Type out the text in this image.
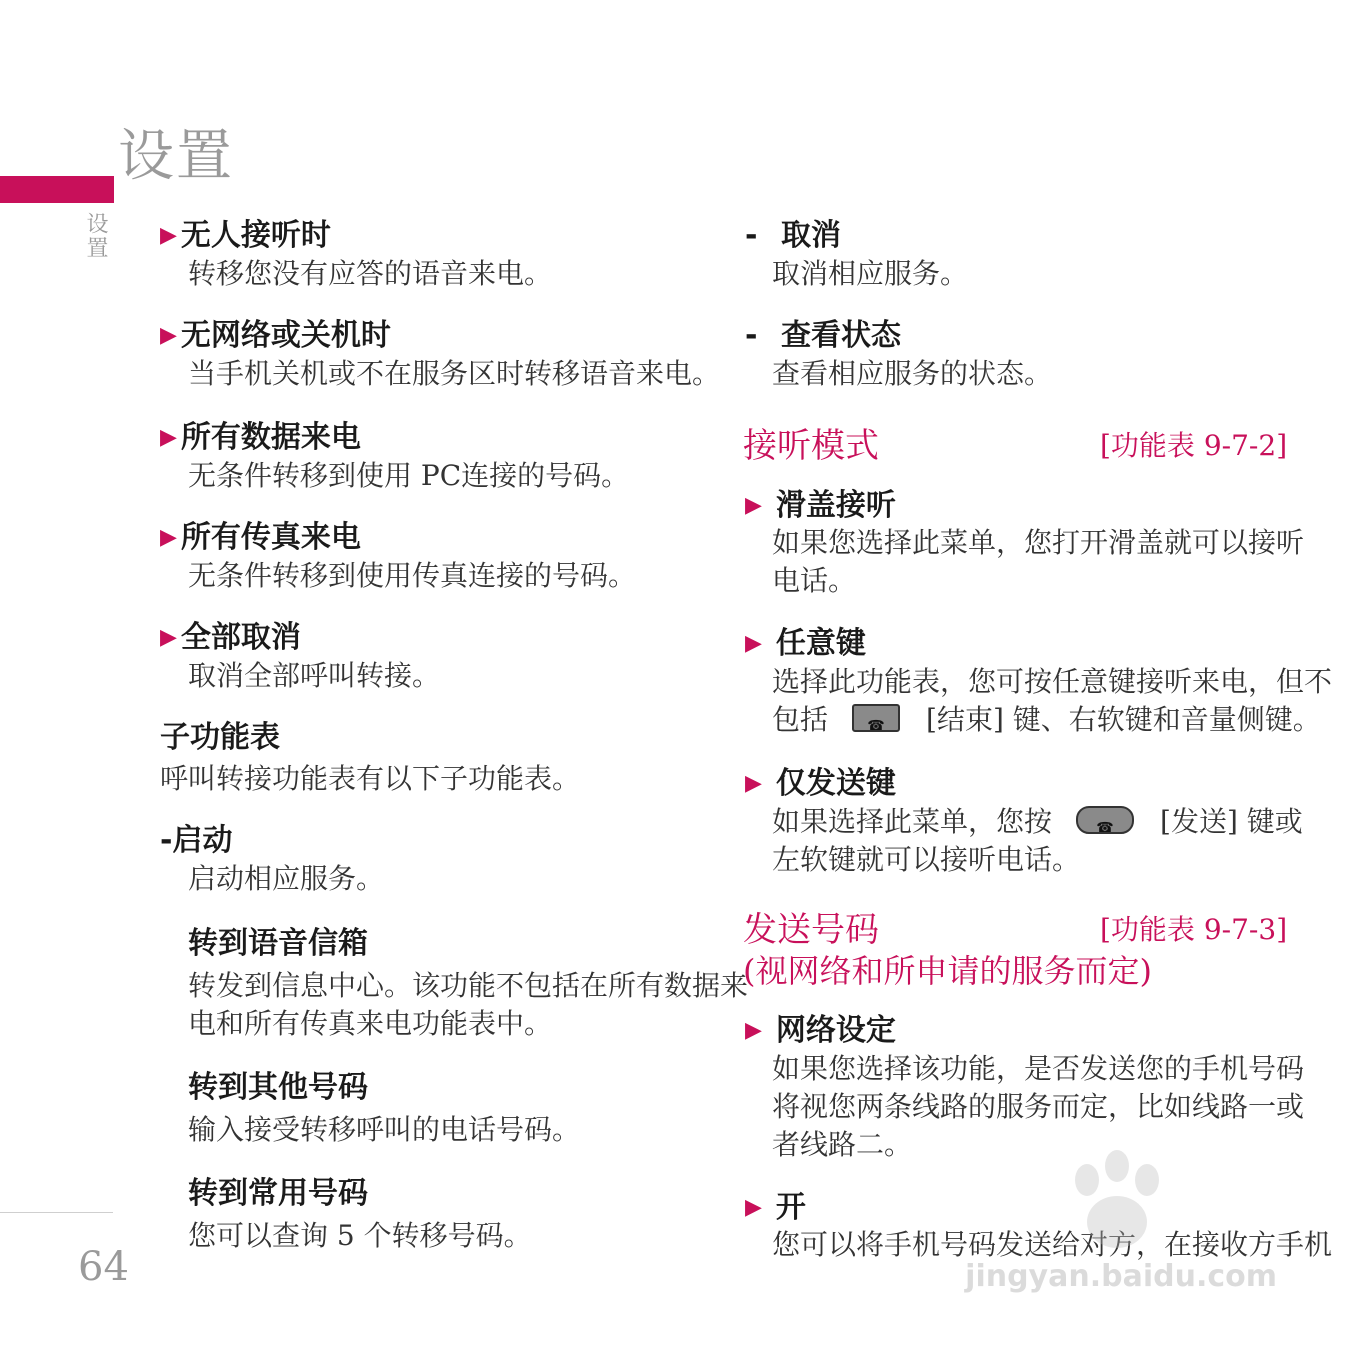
设置
设置
64
▶ 无人接听时
转移您没有应答的语音来电。
▶ 无网络或关机时
当手机关机或不在服务区时转移语音来电。
▶ 所有数据来电
无条件转移到使用 PC连接的号码。
▶ 所有传真来电
无条件转移到使用传真连接的号码。
▶ 全部取消
取消全部呼叫转接。
子功能表
呼叫转接功能表有以下子功能表。
-启动
启动相应服务。
转到语音信箱
转发到信息中心。该功能不包括在所有数据来
电和所有传真来电功能表中。
转到其他号码
输入接受转移呼叫的电话号码。
转到常用号码
您可以查询 5 个转移号码。
- 取消
取消相应服务。
- 查看状态
查看相应服务的状态。
接听模式	[功能表 9-7-2]
▶ 滑盖接听
如果您选择此菜单，您打开滑盖就可以接听
电话。
▶ 任意键
选择此功能表，您可按任意键接听来电，但不
包括	☎	[结束] 键、右软键和音量侧键。
▶ 仅发送键
如果选择此菜单，您按	☎	[发送] 键或
左软键就可以接听电话。
发送号码	[功能表 9-7-3]
(视网络和所申请的服务而定)
▶ 网络设定
如果您选择该功能，是否发送您的手机号码
将视您两条线路的服务而定，比如线路一或
者线路二。
▶ 开
您可以将手机号码发送给对方，在接收方手机
jingyan.baidu.com
